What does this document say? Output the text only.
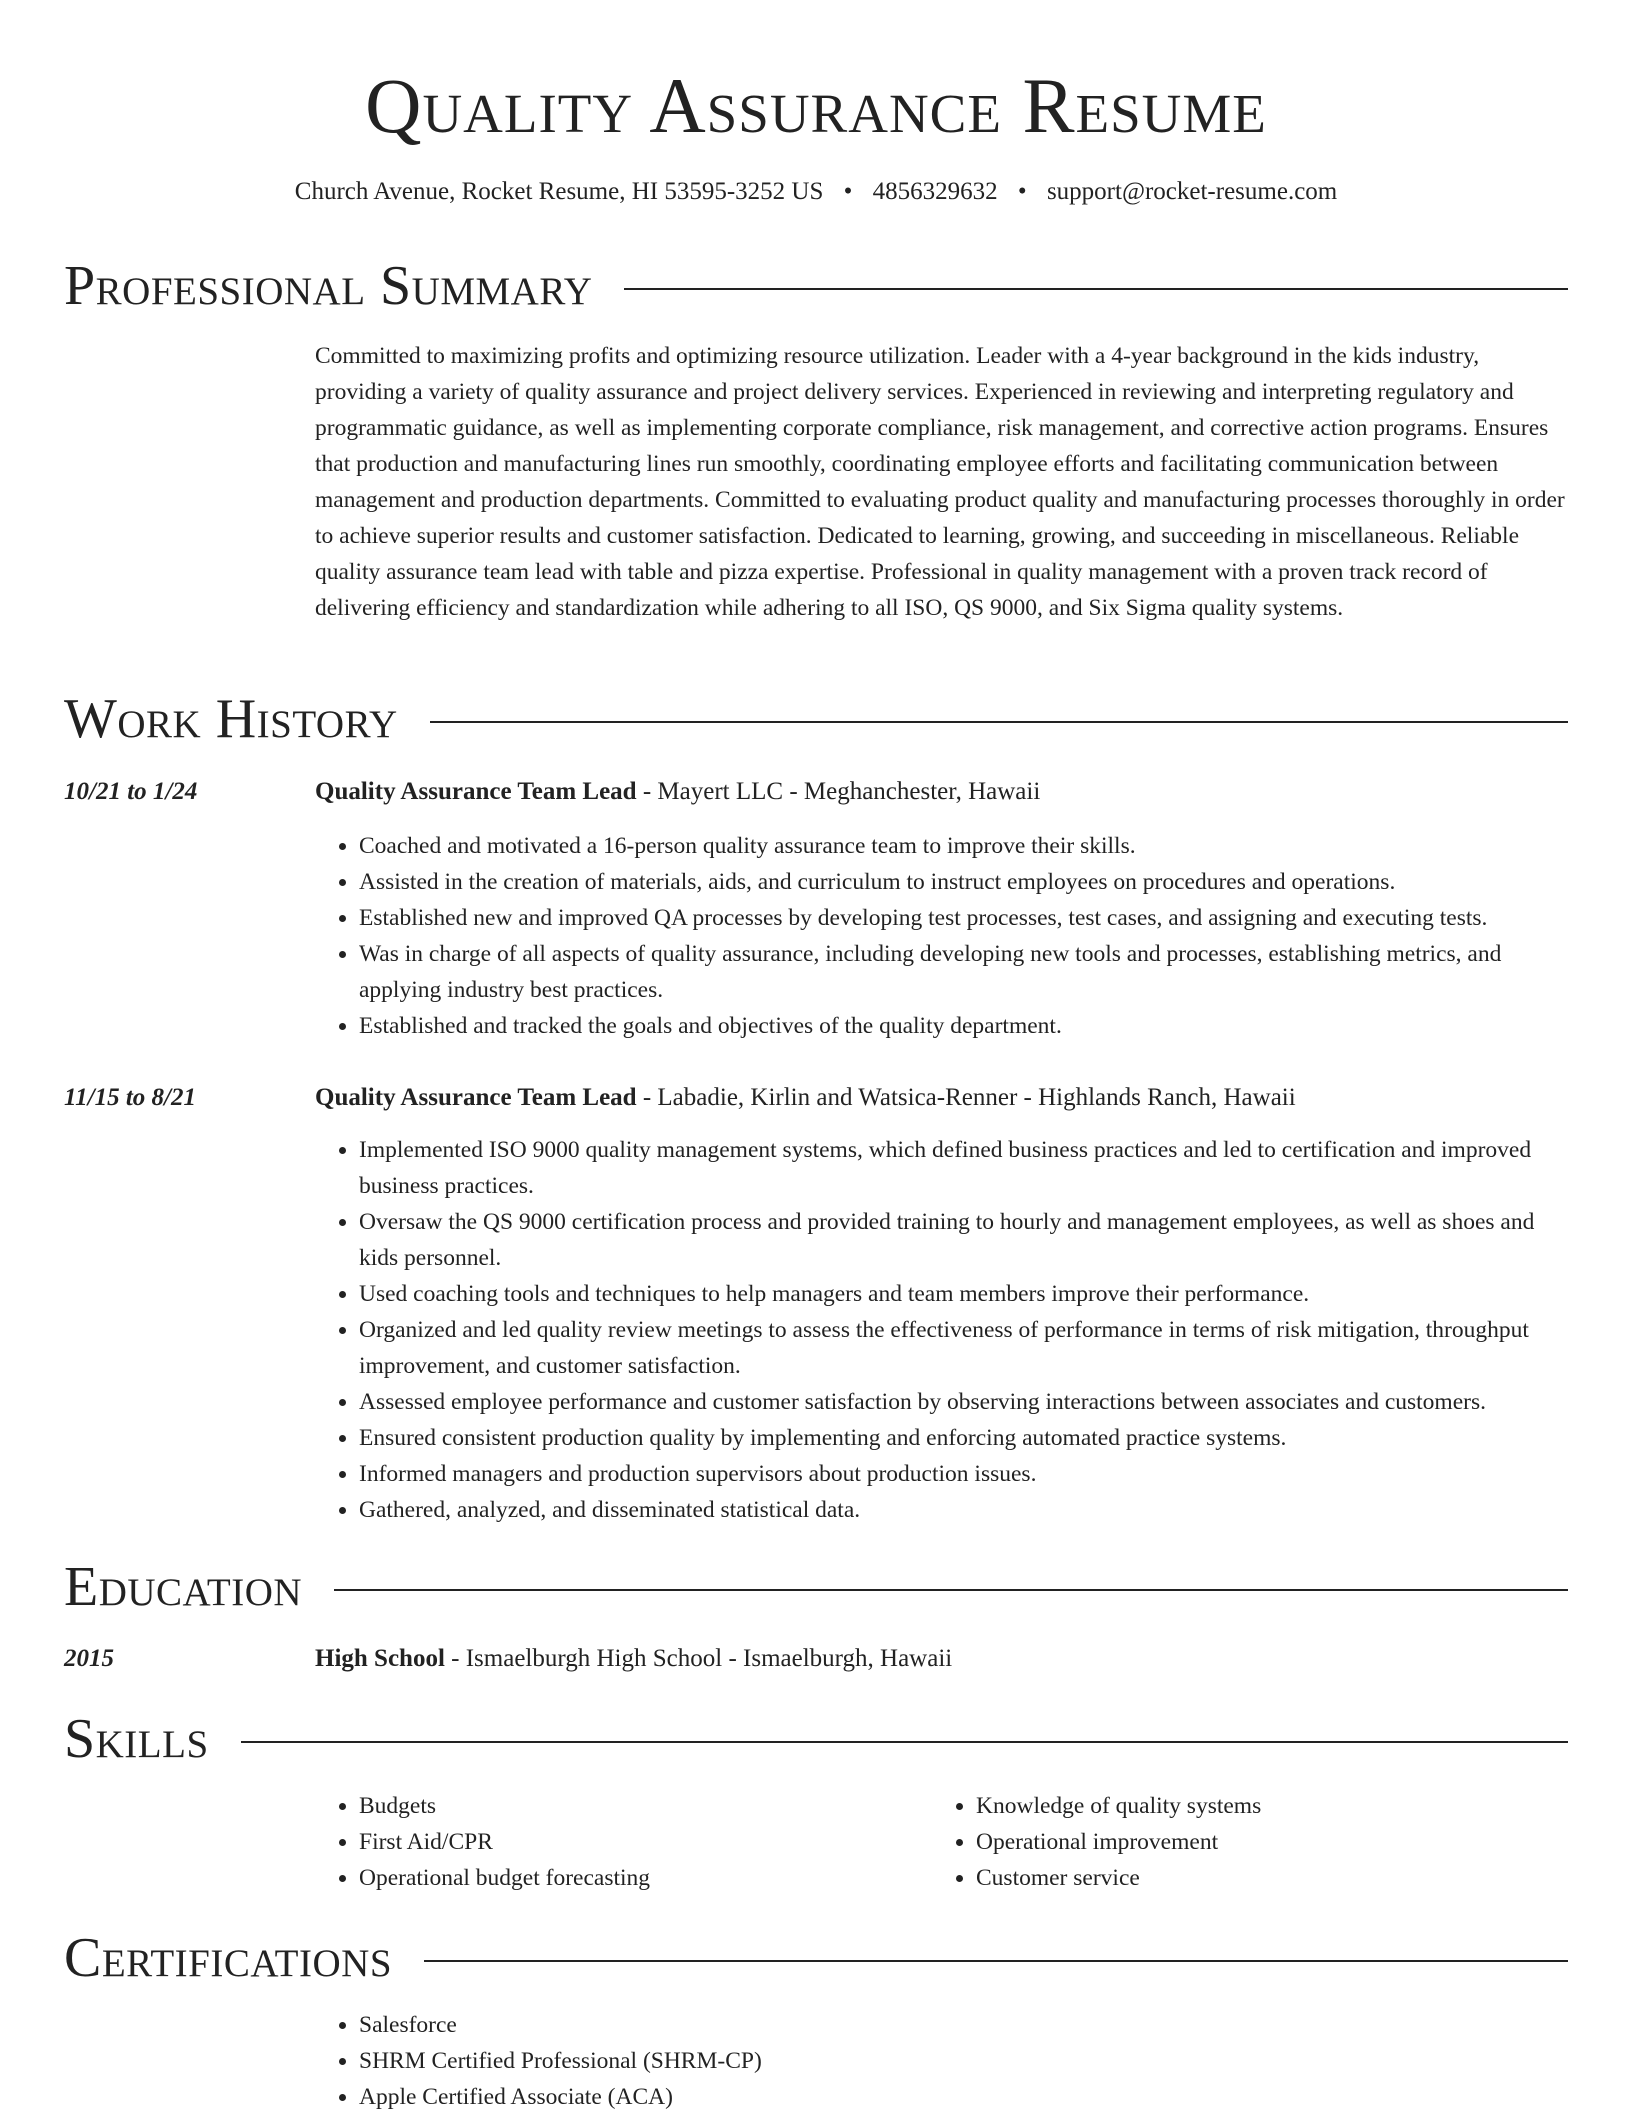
Quality Assurance Resume
Church Avenue, Rocket Resume, HI 53595-3252 US • 4856329632 • support@rocket-resume.com
Professional Summary

Committed to maximizing profits and optimizing resource utilization. Leader with a 4-year background in the kids industry, providing a variety of quality assurance and project delivery services. Experienced in reviewing and interpreting regulatory and programmatic guidance, as well as implementing corporate compliance, risk management, and corrective action programs. Ensures that production and manufacturing lines run smoothly, coordinating employee efforts and facilitating communication between management and production departments. Committed to evaluating product quality and manufacturing processes thoroughly in order to achieve superior results and customer satisfaction. Dedicated to learning, growing, and succeeding in miscellaneous. Reliable quality assurance team lead with table and pizza expertise. Professional in quality management with a proven track record of delivering efficiency and standardization while adhering to all ISO, QS 9000, and Six Sigma quality systems.

Work History
10/21 to 1/24	Quality Assurance Team Lead - Mayert LLC - Meghanchester, Hawaii
• Coached and motivated a 16-person quality assurance team to improve their skills.
• Assisted in the creation of materials, aids, and curriculum to instruct employees on procedures and operations.
• Established new and improved QA processes by developing test processes, test cases, and assigning and executing tests.
• Was in charge of all aspects of quality assurance, including developing new tools and processes, establishing metrics, and applying industry best practices.
• Established and tracked the goals and objectives of the quality department.
11/15 to 8/21	Quality Assurance Team Lead - Labadie, Kirlin and Watsica-Renner - Highlands Ranch, Hawaii
• Implemented ISO 9000 quality management systems, which defined business practices and led to certification and improved business practices.
• Oversaw the QS 9000 certification process and provided training to hourly and management employees, as well as shoes and kids personnel.
• Used coaching tools and techniques to help managers and team members improve their performance.
• Organized and led quality review meetings to assess the effectiveness of performance in terms of risk mitigation, throughput improvement, and customer satisfaction.
• Assessed employee performance and customer satisfaction by observing interactions between associates and customers.
• Ensured consistent production quality by implementing and enforcing automated practice systems.
• Informed managers and production supervisors about production issues.
• Gathered, analyzed, and disseminated statistical data.
Education
2015	High School - Ismaelburgh High School - Ismaelburgh, Hawaii
Skills
• Budgets
• First Aid/CPR
• Operational budget forecasting
• Knowledge of quality systems
• Operational improvement
• Customer service
Certifications
• Salesforce
• SHRM Certified Professional (SHRM-CP)
• Apple Certified Associate (ACA)
